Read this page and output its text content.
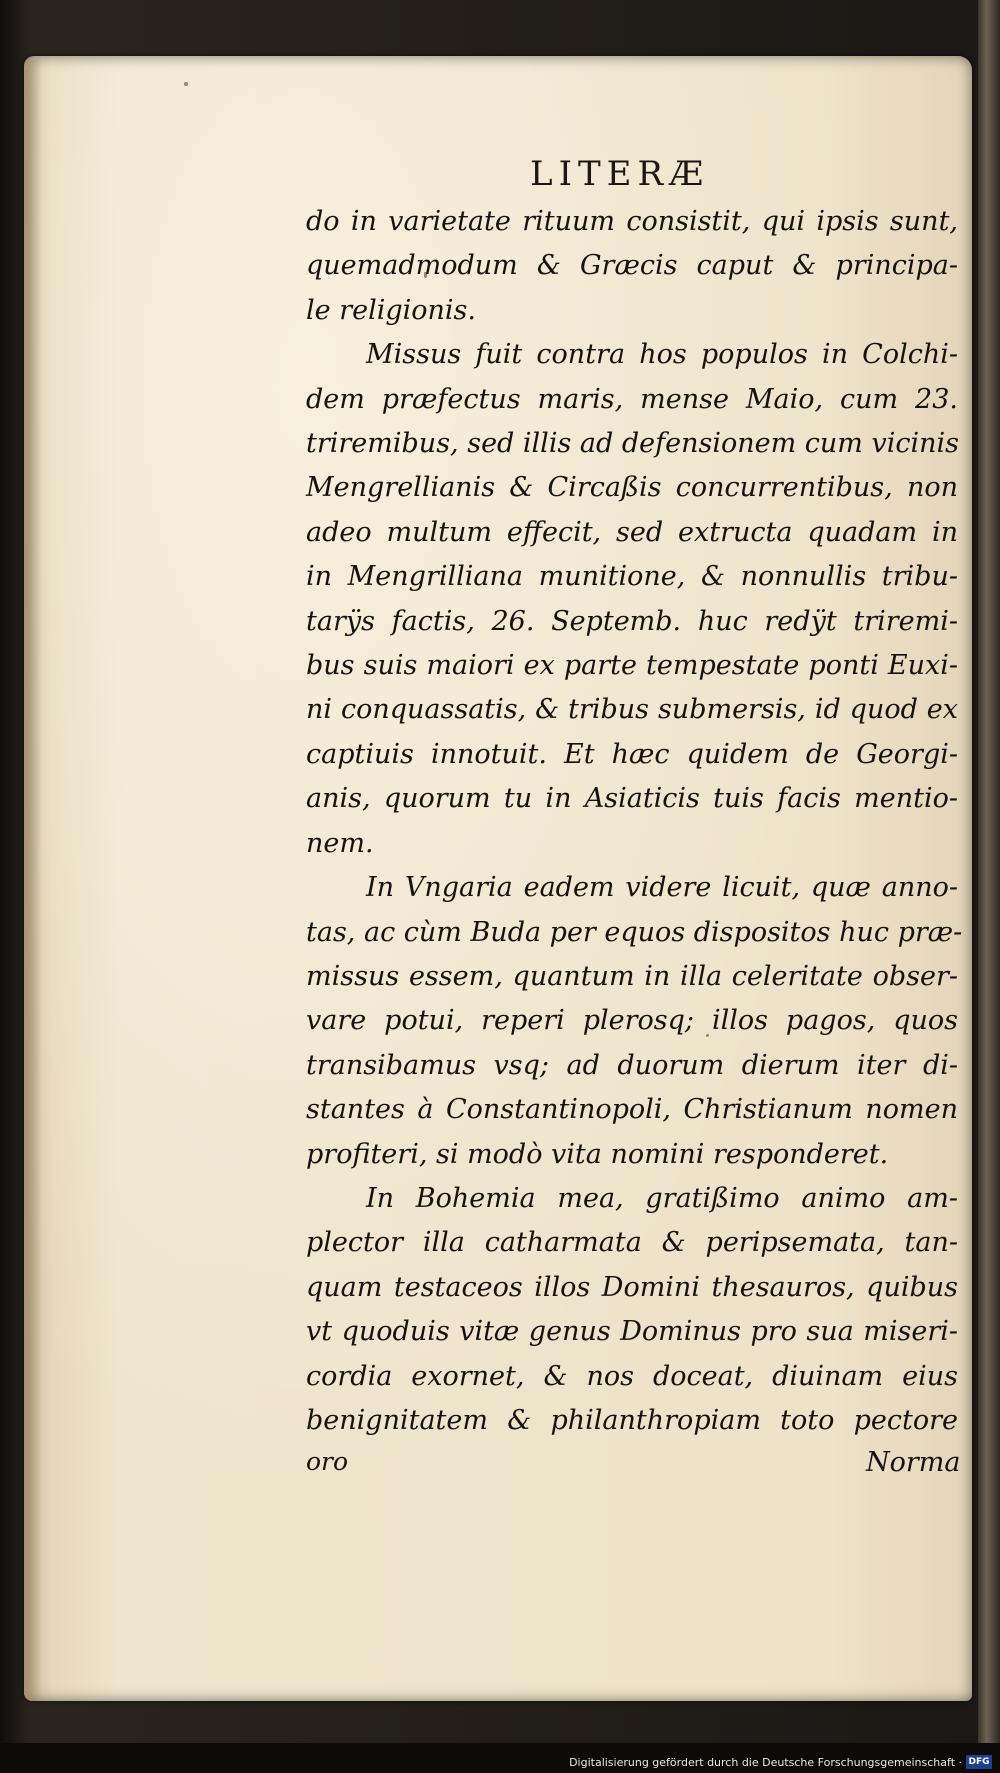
LITERÆ
do in varietate rituum consistit, qui ipsis sunt,
quemadmodum & Græcis caput & principa-
le religionis.
Missus fuit contra hos populos in Colchi-
dem præfectus maris, mense Maio, cum 23.
triremibus, sed illis ad defensionem cum vicinis
Mengrellianis & Circaßis concurrentibus, non
adeo multum effecit, sed extructa quadam in
in Mengrilliana munitione, & nonnullis tribu-
tarÿs factis, 26. Septemb. huc redÿt triremi-
bus suis maiori ex parte tempestate ponti Euxi-
ni conquassatis, & tribus submersis, id quod ex
captiuis innotuit. Et hæc quidem de Georgi-
anis, quorum tu in Asiaticis tuis facis mentio-
nem.
In Vngaria eadem videre licuit, quæ anno-
tas, ac cùm Buda per equos dispositos huc præ-
missus essem, quantum in illa celeritate obser-
vare potui, reperi plerosq; illos pagos, quos
transibamus vsq; ad duorum dierum iter di-
stantes à Constantinopoli, Christianum nomen
profiteri, si modò vita nomini responderet.
In Bohemia mea, gratißimo animo am-
plector illa catharmata & peripsemata, tan-
quam testaceos illos Domini thesauros, quibus
vt quoduis vitæ genus Dominus pro sua miseri-
cordia exornet, & nos doceat, diuinam eius
benignitatem & philanthropiam toto pectore
oro	Norma
Digitalisierung gefördert durch die Deutsche Forschungsgemeinschaft · DFG
